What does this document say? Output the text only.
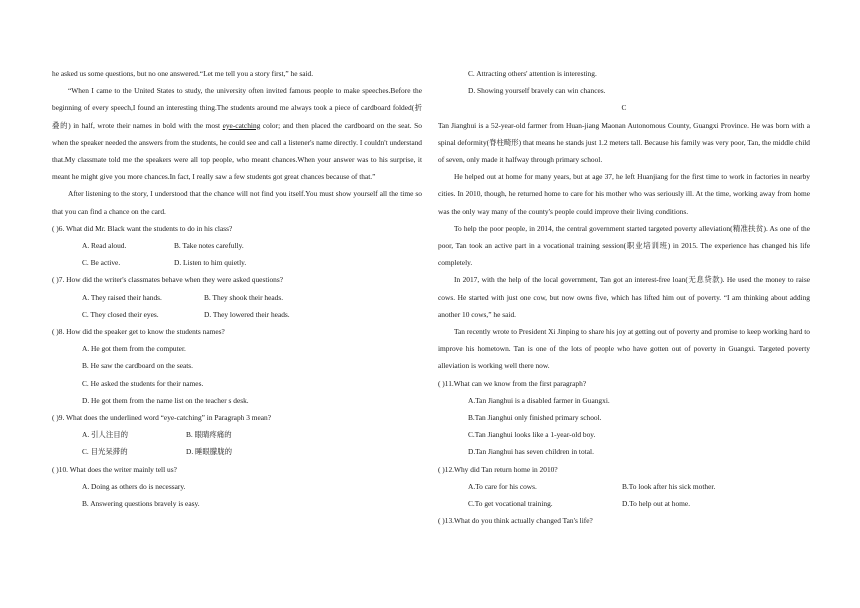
he asked us some questions, but no one answered.“Let me tell you a story first,” he said.

“When I came to the United States to study, the university often invited famous people to make speeches.Before the beginning of every speech,I found an interesting thing.The students around me always took a piece of cardboard folded(折叠的) in half, wrote their names in bold with the most eye-catching color; and then placed the cardboard on the seat. So when the speaker needed the answers from the students, he could see and call a listener's name directly. I couldn't understand that.My classmate told me the speakers were all top people, who meant chances.When your answer was to his surprise, it meant he might give you more chances.In fact, I really saw a few students got great chances because of that.”

After listening to the story, I understood that the chance will not find you itself.You must show yourself all the time so that you can find a chance on the card.

( )6. What did Mr. Black want the students to do in his class?

A. Read aloud.	B. Take notes carefully.

C. Be active.	D. Listen to him quietly.

( )7. How did the writer's classmates behave when they were asked questions?

A. They raised their hands.	B. They shook their heads.

C. They closed their eyes.	D. They lowered their heads.

( )8. How did the speaker get to know the students names?

A. He got them from the computer.

B. He saw the cardboard on the seats.

C. He asked the students for their names.

D. He got them from the name list on the teacher s desk.

( )9. What does the underlined word “eye-catching” in Paragraph 3 mean?

A. 引人注目的	B. 眼睛疼痛的

C. 目光呆滞的	D. 睡眼朦胧的

( )10. What does the writer mainly tell us?

A. Doing as others do is necessary.

B. Answering questions bravely is easy.

C. Attracting others' attention is interesting.

D. Showing yourself bravely can win chances.

C

Tan Jianghui is a 52-year-old farmer from Huan-jiang Maonan Autonomous County, Guangxi Province. He was born with a spinal deformity(脊柱畸形) that means he stands just 1.2 meters tall. Because his family was very poor, Tan, the middle child of seven, only made it halfway through primary school.

He helped out at home for many years, but at age 37, he left Huanjiang for the first time to work in factories in nearby cities. In 2010, though, he returned home to care for his mother who was seriously ill. At the time, working away from home was the only way many of the county's people could improve their living conditions.

To help the poor people, in 2014, the central government started targeted poverty alleviation(精准扶贫). As one of the poor, Tan took an active part in a vocational training session(职业培训班) in 2015. The experience has changed his life completely.

In 2017, with the help of the local government, Tan got an interest-free loan(无息贷款). He used the money to raise cows. He started with just one cow, but now owns five, which has lifted him out of poverty. “I am thinking about adding another 10 cows,” he said.

Tan recently wrote to President Xi Jinping to share his joy at getting out of poverty and promise to keep working hard to improve his hometown. Tan is one of the lots of people who have gotten out of poverty in Guangxi. Targeted poverty alleviation is working well there now.

( )11.What can we know from the first paragraph?

A.Tan Jianghui is a disabled farmer in Guangxi.

B.Tan Jianghui only finished primary school.

C.Tan Jianghui looks like a 1-year-old boy.

D.Tan Jianghui has seven children in total.

( )12.Why did Tan return home in 2010?

A.To care for his cows.	B.To look after his sick mother.

C.To get vocational training.	D.To help out at home.

( )13.What do you think actually changed Tan's life?
